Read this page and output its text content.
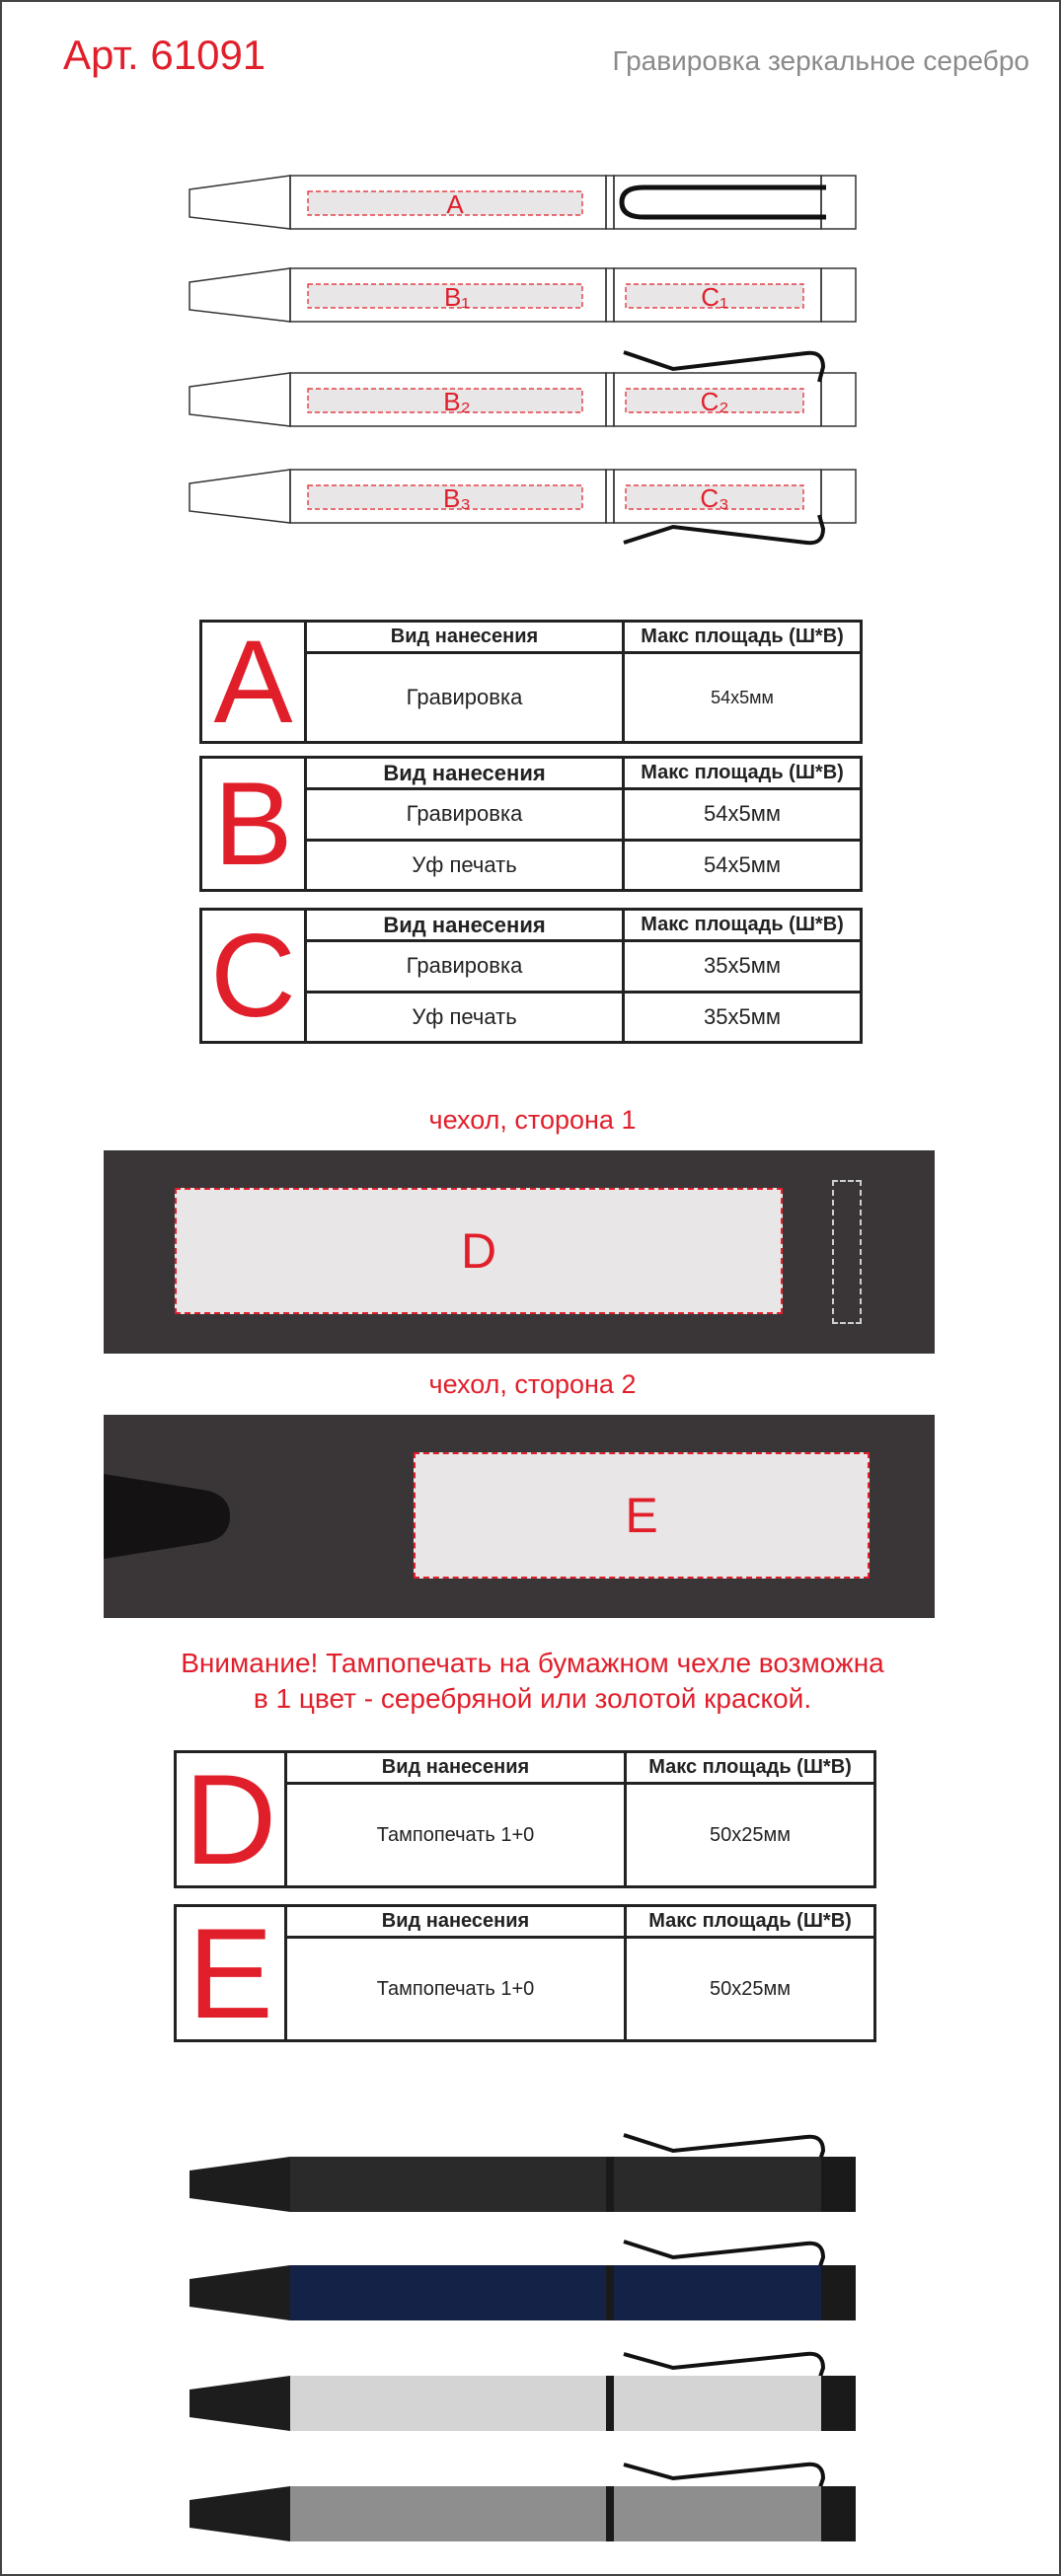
Арт. 61091	Гравировка зеркальное серебро
A
B₁	C₁
B₂	C₂
B₃	C₃
A	Вид нанесения	Макс площадь (Ш*В)
Гравировка	54х5мм
B	Вид нанесения	Макс площадь (Ш*В)
Гравировка	54х5мм
Уф печать	54х5мм
C	Вид нанесения	Макс площадь (Ш*В)
Гравировка	35х5мм
Уф печать	35х5мм
чехол, сторона 1
D
чехол, сторона 2
E
Внимание! Тампопечать на бумажном чехле возможна
в 1 цвет - серебряной или золотой краской.
D	Вид нанесения	Макс площадь (Ш*В)
Тампопечать 1+0	50х25мм
E	Вид нанесения	Макс площадь (Ш*В)
Тампопечать 1+0	50х25мм
